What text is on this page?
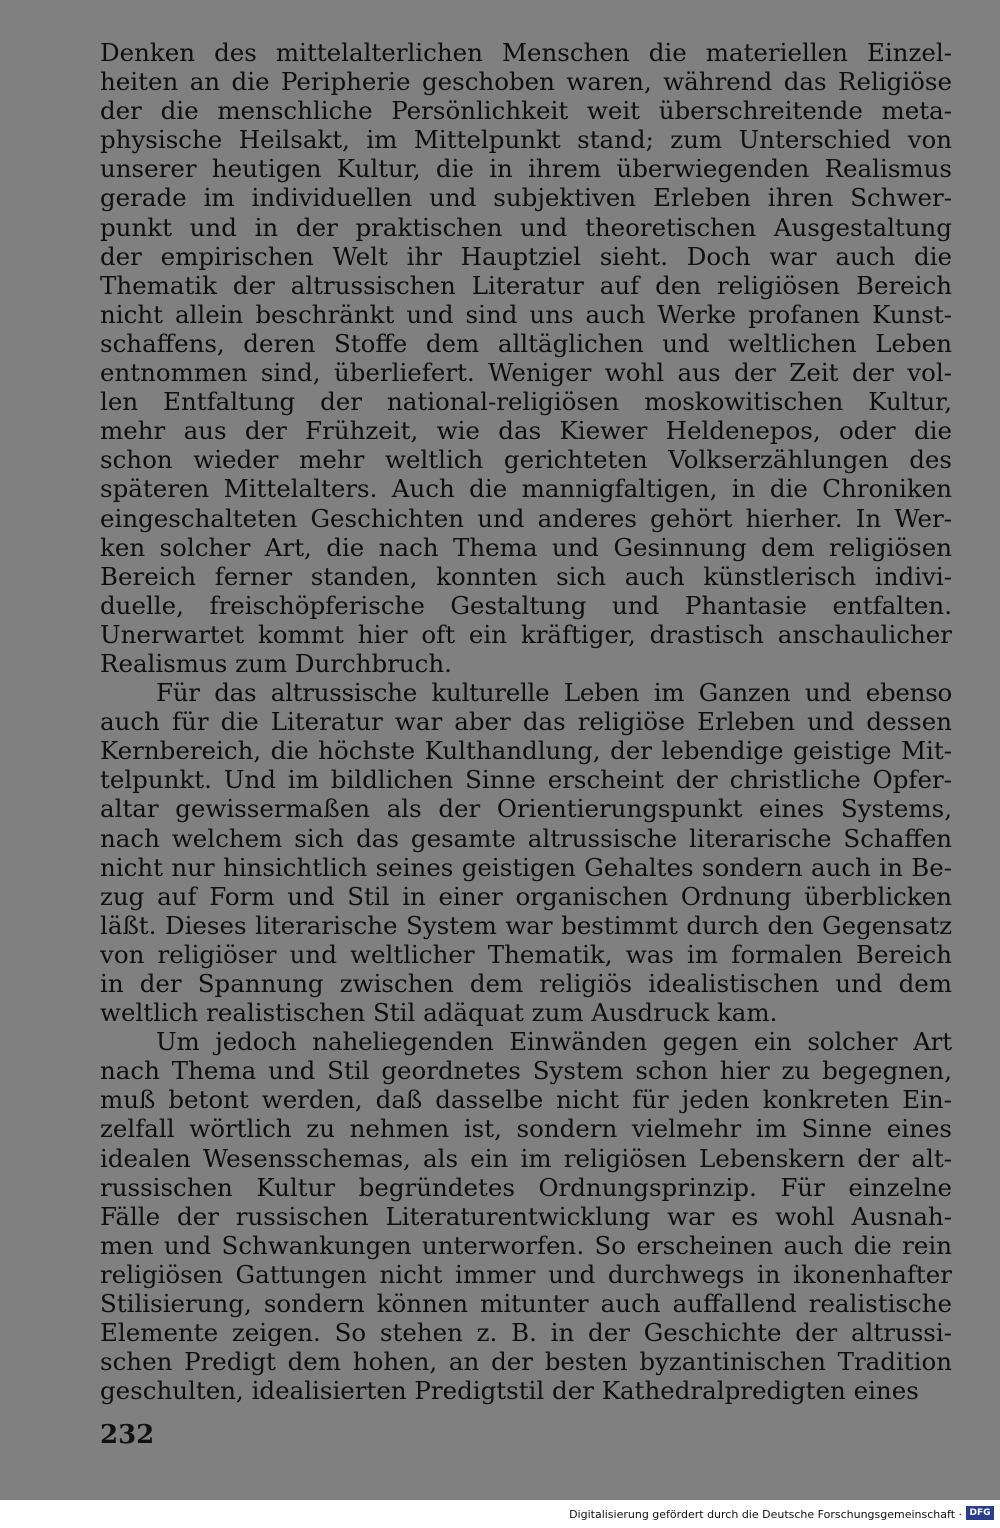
Denken des mittelalterlichen Menschen die materiellen Einzel-
heiten an die Peripherie geschoben waren, während das Religiöse
der die menschliche Persönlichkeit weit überschreitende meta-
physische Heilsakt, im Mittelpunkt stand; zum Unterschied von
unserer heutigen Kultur, die in ihrem überwiegenden Realismus
gerade im individuellen und subjektiven Erleben ihren Schwer-
punkt und in der praktischen und theoretischen Ausgestaltung
der empirischen Welt ihr Hauptziel sieht. Doch war auch die
Thematik der altrussischen Literatur auf den religiösen Bereich
nicht allein beschränkt und sind uns auch Werke profanen Kunst-
schaffens, deren Stoffe dem alltäglichen und weltlichen Leben
entnommen sind, überliefert. Weniger wohl aus der Zeit der vol-
len Entfaltung der national-religiösen moskowitischen Kultur,
mehr aus der Frühzeit, wie das Kiewer Heldenepos, oder die
schon wieder mehr weltlich gerichteten Volkserzählungen des
späteren Mittelalters. Auch die mannigfaltigen, in die Chroniken
eingeschalteten Geschichten und anderes gehört hierher. In Wer-
ken solcher Art, die nach Thema und Gesinnung dem religiösen
Bereich ferner standen, konnten sich auch künstlerisch indivi-
duelle, freischöpferische Gestaltung und Phantasie entfalten.
Unerwartet kommt hier oft ein kräftiger, drastisch anschaulicher
Realismus zum Durchbruch.
Für das altrussische kulturelle Leben im Ganzen und ebenso
auch für die Literatur war aber das religiöse Erleben und dessen
Kernbereich, die höchste Kulthandlung, der lebendige geistige Mit-
telpunkt. Und im bildlichen Sinne erscheint der christliche Opfer-
altar gewissermaßen als der Orientierungspunkt eines Systems,
nach welchem sich das gesamte altrussische literarische Schaffen
nicht nur hinsichtlich seines geistigen Gehaltes sondern auch in Be-
zug auf Form und Stil in einer organischen Ordnung überblicken
läßt. Dieses literarische System war bestimmt durch den Gegensatz
von religiöser und weltlicher Thematik, was im formalen Bereich
in der Spannung zwischen dem religiös idealistischen und dem
weltlich realistischen Stil adäquat zum Ausdruck kam.
Um jedoch naheliegenden Einwänden gegen ein solcher Art
nach Thema und Stil geordnetes System schon hier zu begegnen,
muß betont werden, daß dasselbe nicht für jeden konkreten Ein-
zelfall wörtlich zu nehmen ist, sondern vielmehr im Sinne eines
idealen Wesensschemas, als ein im religiösen Lebenskern der alt-
russischen Kultur begründetes Ordnungsprinzip. Für einzelne
Fälle der russischen Literaturentwicklung war es wohl Ausnah-
men und Schwankungen unterworfen. So erscheinen auch die rein
religiösen Gattungen nicht immer und durchwegs in ikonenhafter
Stilisierung, sondern können mitunter auch auffallend realistische
Elemente zeigen. So stehen z. B. in der Geschichte der altrussi-
schen Predigt dem hohen, an der besten byzantinischen Tradition
geschulten, idealisierten Predigtstil der Kathedralpredigten eines
232
Digitalisierung gefördert durch die Deutsche Forschungsgemeinschaft · DFG
